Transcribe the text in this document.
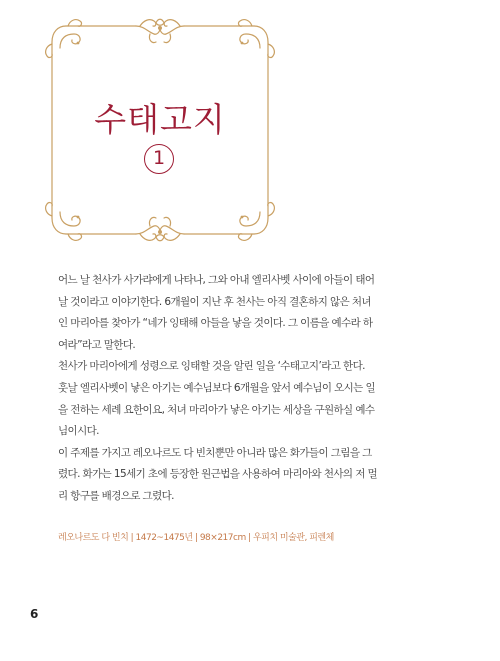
수태고지
1
어느 날 천사가 사가랴에게 나타나, 그와 아내 엘리사벳 사이에 아들이 태어
날 것이라고 이야기한다. 6개월이 지난 후 천사는 아직 결혼하지 않은 처녀
인 마리아를 찾아가 “네가 잉태해 아들을 낳을 것이다. 그 이름을 예수라 하
여라”라고 말한다.
천사가 마리아에게 성령으로 잉태할 것을 알린 일을 ‘수태고지’라고 한다.
훗날 엘리사벳이 낳은 아기는 예수님보다 6개월을 앞서 예수님이 오시는 일
을 전하는 세례 요한이요, 처녀 마리아가 낳은 아기는 세상을 구원하실 예수
님이시다.
이 주제를 가지고 레오나르도 다 빈치뿐만 아니라 많은 화가들이 그림을 그
렸다. 화가는 15세기 초에 등장한 원근법을 사용하여 마리아와 천사의 저 멀
리 항구를 배경으로 그렸다.
레오나르도 다 빈치 | 1472~1475년 | 98×217cm | 우피치 미술관, 피렌체
6
